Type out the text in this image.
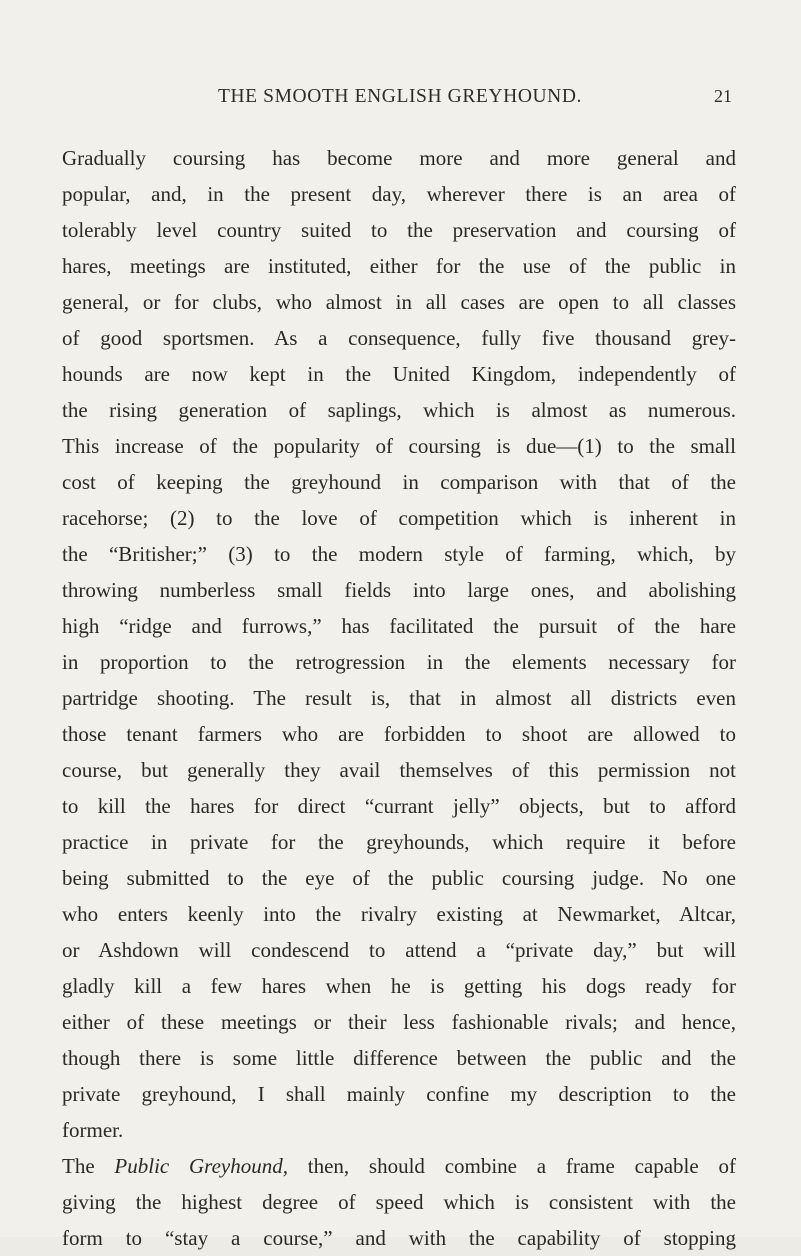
THE SMOOTH ENGLISH GREYHOUND.	21
Gradually coursing has become more and more general and
popular, and, in the present day, wherever there is an area of
tolerably level country suited to the preservation and coursing of
hares, meetings are instituted, either for the use of the public in
general, or for clubs, who almost in all cases are open to all classes
of good sportsmen. As a consequence, fully five thousand grey-
hounds are now kept in the United Kingdom, independently of
the rising generation of saplings, which is almost as numerous.
This increase of the popularity of coursing is due—(1) to the small
cost of keeping the greyhound in comparison with that of the
racehorse; (2) to the love of competition which is inherent in
the “Britisher;” (3) to the modern style of farming, which, by
throwing numberless small fields into large ones, and abolishing
high “ridge and furrows,” has facilitated the pursuit of the hare
in proportion to the retrogression in the elements necessary for
partridge shooting. The result is, that in almost all districts even
those tenant farmers who are forbidden to shoot are allowed to
course, but generally they avail themselves of this permission not
to kill the hares for direct “currant jelly” objects, but to afford
practice in private for the greyhounds, which require it before
being submitted to the eye of the public coursing judge. No one
who enters keenly into the rivalry existing at Newmarket, Altcar,
or Ashdown will condescend to attend a “private day,” but will
gladly kill a few hares when he is getting his dogs ready for
either of these meetings or their less fashionable rivals; and hence,
though there is some little difference between the public and the
private greyhound, I shall mainly confine my description to the
former.
The Public Greyhound, then, should combine a frame capable of
giving the highest degree of speed which is consistent with the
form to “stay a course,” and with the capability of stopping
